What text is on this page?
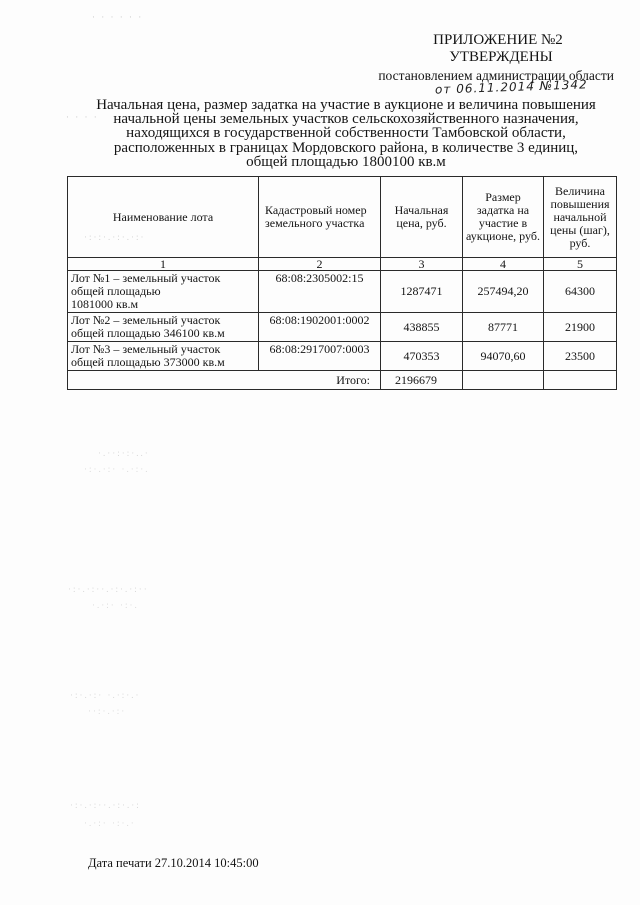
· · · · · ·
· · · ·
·:·:·.·:·.·:·
·.··:·:·..·
·:·.·:· ·.·:·.
·:·.·:··.·:·.·:··
·.·:· ·:·.
·:·.·:· ·.·:·.·
··:·.·:·
·:·.·:··.·:·.·:
·.·:· ·:·.·
ПРИЛОЖЕНИЕ №2
УТВЕРЖДЕНЫ
постановлением администрации области
от 06.11.2014 №1342
Начальная цена, размер задатка на участие в аукционе и величина повышения
начальной цены земельных участков сельскохозяйственного назначения,
находящихся в государственной собственности Тамбовской области,
расположенных в границах Мордовского района, в количестве 3 единиц,
общей площадью 1800100 кв.м
Наименование лота	Кадастровый номер земельного участка	Начальная цена, руб.	Размер задатка на участие в аукционе, руб.	Величина повышения начальной цены (шаг), руб.
1	2	3	4	5

Лот №1 – земельный участок
общей площадью
1081000 кв.м	68:08:2305002:15	1287471	257494,20	64300

Лот №2 – земельный участок
общей площадью 346100 кв.м	68:08:1902001:0002	438855	87771	21900

Лот №3 – земельный участок
общей площадью 373000 кв.м	68:08:2917007:0003	470353	94070,60	23500
Итого:		2196679		
Дата печати 27.10.2014 10:45:00
